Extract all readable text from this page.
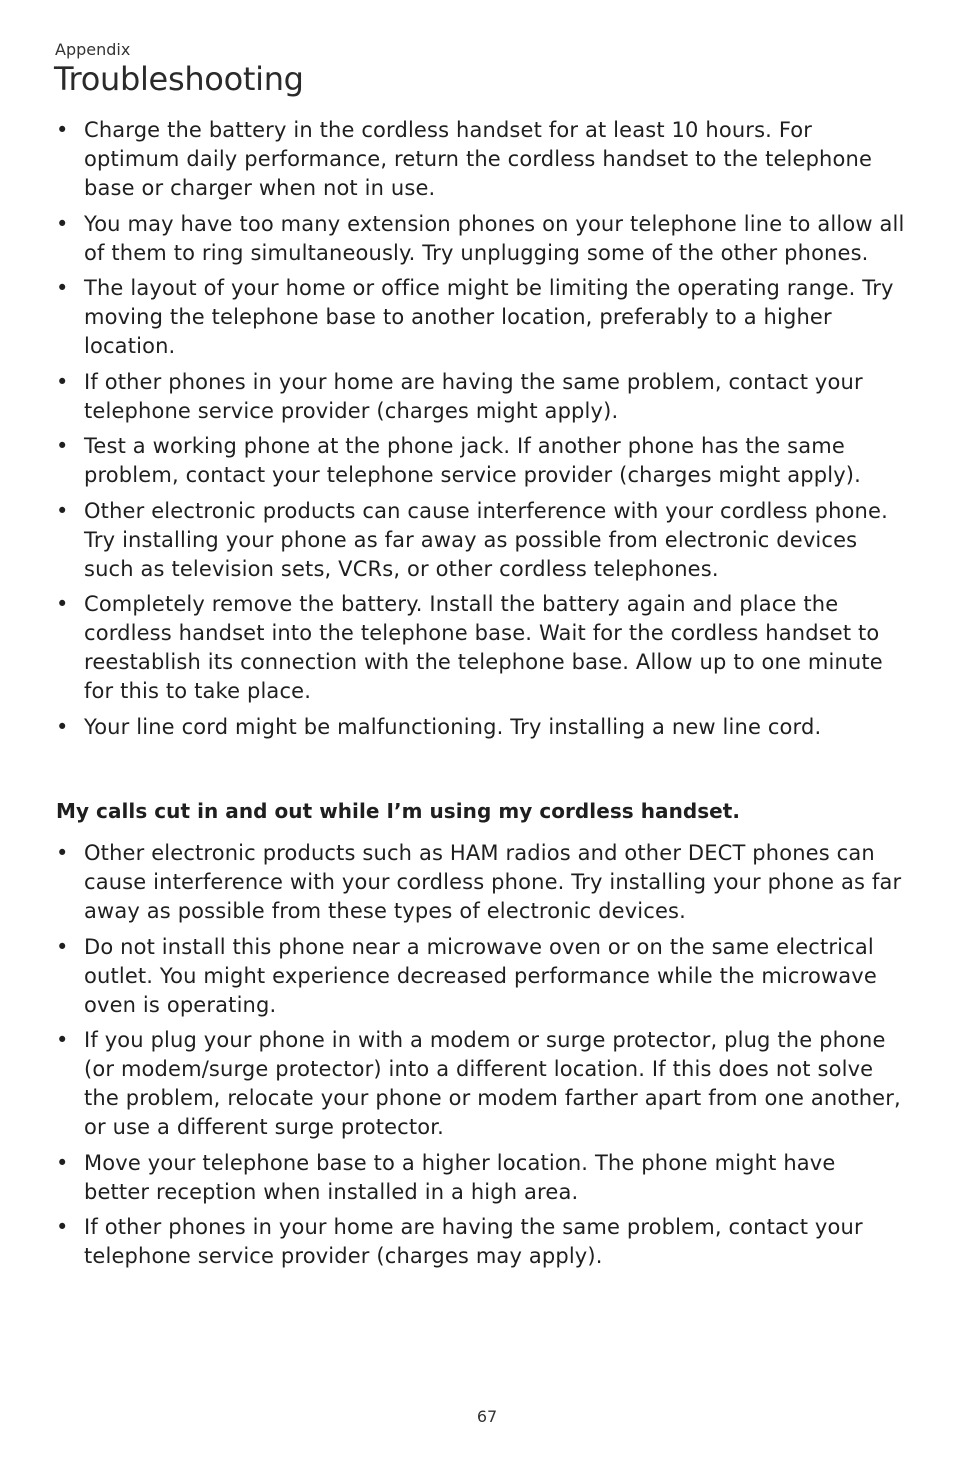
Appendix
Troubleshooting
• Charge the battery in the cordless handset for at least 10 hours. For optimum daily performance, return the cordless handset to the telephone base or charger when not in use.
• You may have too many extension phones on your telephone line to allow all of them to ring simultaneously. Try unplugging some of the other phones.
• The layout of your home or office might be limiting the operating range. Try moving the telephone base to another location, preferably to a higher location.
• If other phones in your home are having the same problem, contact your telephone service provider (charges might apply).
• Test a working phone at the phone jack. If another phone has the same problem, contact your telephone service provider (charges might apply).
• Other electronic products can cause interference with your cordless phone. Try installing your phone as far away as possible from electronic devices such as television sets, VCRs, or other cordless telephones.
• Completely remove the battery. Install the battery again and place the cordless handset into the telephone base. Wait for the cordless handset to reestablish its connection with the telephone base. Allow up to one minute for this to take place.
• Your line cord might be malfunctioning. Try installing a new line cord.
My calls cut in and out while I’m using my cordless handset.
• Other electronic products such as HAM radios and other DECT phones can cause interference with your cordless phone. Try installing your phone as far away as possible from these types of electronic devices.
• Do not install this phone near a microwave oven or on the same electrical outlet. You might experience decreased performance while the microwave oven is operating.
• If you plug your phone in with a modem or surge protector, plug the phone (or modem/surge protector) into a different location. If this does not solve the problem, relocate your phone or modem farther apart from one another, or use a different surge protector.
• Move your telephone base to a higher location. The phone might have better reception when installed in a high area.
• If other phones in your home are having the same problem, contact your telephone service provider (charges may apply).
67
